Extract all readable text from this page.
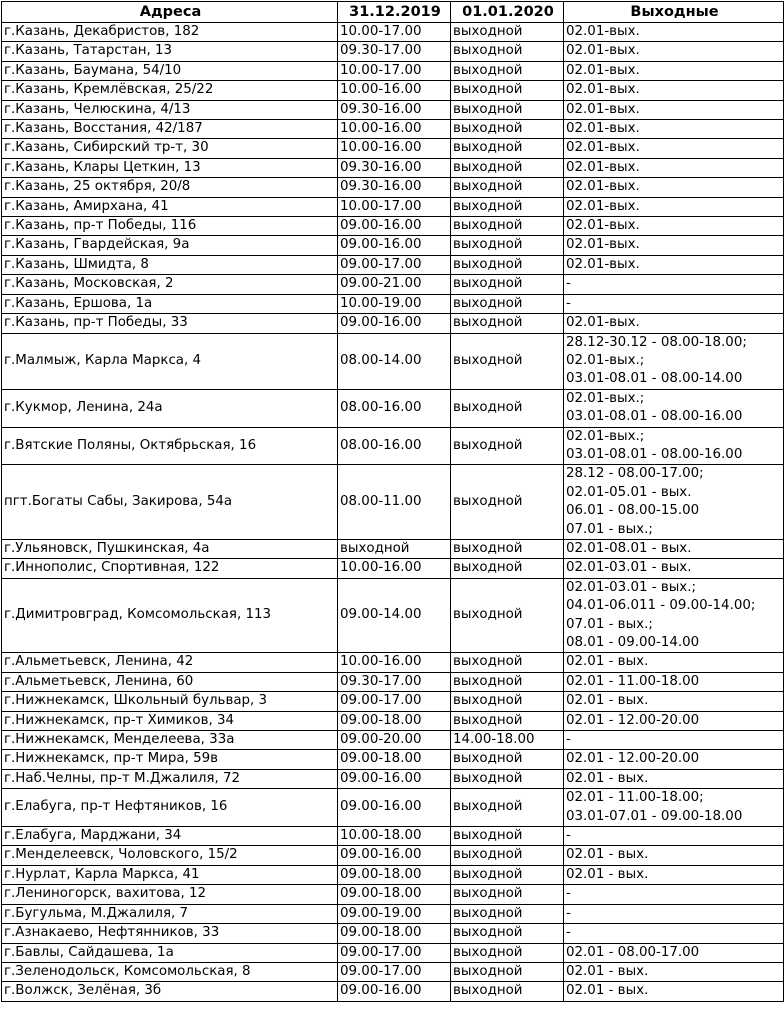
Адреса	31.12.2019	01.01.2020	Выходные
г.Казань, Декабристов, 182	10.00-17.00	выходной	02.01-вых.
г.Казань, Татарстан, 13	09.30-17.00	выходной	02.01-вых.
г.Казань, Баумана, 54/10	10.00-17.00	выходной	02.01-вых.
г.Казань, Кремлёвская, 25/22	10.00-16.00	выходной	02.01-вых.
г.Казань, Челюскина, 4/13	09.30-16.00	выходной	02.01-вых.
г.Казань, Восстания, 42/187	10.00-16.00	выходной	02.01-вых.
г.Казань, Сибирский тр-т, 30	10.00-16.00	выходной	02.01-вых.
г.Казань, Клары Цеткин, 13	09.30-16.00	выходной	02.01-вых.
г.Казань, 25 октября, 20/8	09.30-16.00	выходной	02.01-вых.
г.Казань, Амирхана, 41	10.00-17.00	выходной	02.01-вых.
г.Казань, пр-т Победы, 116	09.00-16.00	выходной	02.01-вых.
г.Казань, Гвардейская, 9а	09.00-16.00	выходной	02.01-вых.
г.Казань, Шмидта, 8	09.00-17.00	выходной	02.01-вых.
г.Казань, Московская, 2	09.00-21.00	выходной	-
г.Казань, Ершова, 1а	10.00-19.00	выходной	-
г.Казань, пр-т Победы, 33	09.00-16.00	выходной	02.01-вых.
г.Малмыж, Карла Маркса, 4	08.00-14.00	выходной	28.12-30.12 - 08.00-18.00;
02.01-вых.;
03.01-08.01 - 08.00-14.00

г.Кукмор, Ленина, 24а	08.00-16.00	выходной	02.01-вых.;
03.01-08.01 - 08.00-16.00

г.Вятские Поляны, Октябрьская, 16	08.00-16.00	выходной	02.01-вых.;
03.01-08.01 - 08.00-16.00

пгт.Богаты Сабы, Закирова, 54а	08.00-11.00	выходной	28.12 - 08.00-17.00;
02.01-05.01 - вых.
06.01 - 08.00-15.00
07.01 - вых.;

г.Ульяновск, Пушкинская, 4а	выходной	выходной	02.01-08.01 - вых.
г.Иннополис, Спортивная, 122	10.00-16.00	выходной	02.01-03.01 - вых.
г.Димитровград, Комсомольская, 113	09.00-14.00	выходной	02.01-03.01 - вых.;
04.01-06.011 - 09.00-14.00;
07.01 - вых.;
08.01 - 09.00-14.00

г.Альметьевск, Ленина, 42	10.00-16.00	выходной	02.01 - вых.
г.Альметьевск, Ленина, 60	09.30-17.00	выходной	02.01 - 11.00-18.00
г.Нижнекамск, Школьный бульвар, 3	09.00-17.00	выходной	02.01 - вых.
г.Нижнекамск, пр-т Химиков, 34	09.00-18.00	выходной	02.01 - 12.00-20.00
г.Нижнекамск, Менделеева, 33а	09.00-20.00	14.00-18.00	-
г.Нижнекамск, пр-т Мира, 59в	09.00-18.00	выходной	02.01 - 12.00-20.00
г.Наб.Челны, пр-т М.Джалиля, 72	09.00-16.00	выходной	02.01 - вых.
г.Елабуга, пр-т Нефтяников, 16	09.00-16.00	выходной	02.01 - 11.00-18.00;
03.01-07.01 - 09.00-18.00

г.Елабуга, Марджани, 34	10.00-18.00	выходной	-
г.Менделеевск, Чоловского, 15/2	09.00-16.00	выходной	02.01 - вых.
г.Нурлат, Карла Маркса, 41	09.00-18.00	выходной	02.01 - вых.
г.Лениногорск, вахитова, 12	09.00-18.00	выходной	-
г.Бугульма, М.Джалиля, 7	09.00-19.00	выходной	-
г.Азнакаево, Нефтянников, 33	09.00-18.00	выходной	-
г.Бавлы, Сайдашева, 1а	09.00-17.00	выходной	02.01 - 08.00-17.00
г.Зеленодольск, Комсомольская, 8	09.00-17.00	выходной	02.01 - вых.
г.Волжск, Зелёная, 3б	09.00-16.00	выходной	02.01 - вых.
